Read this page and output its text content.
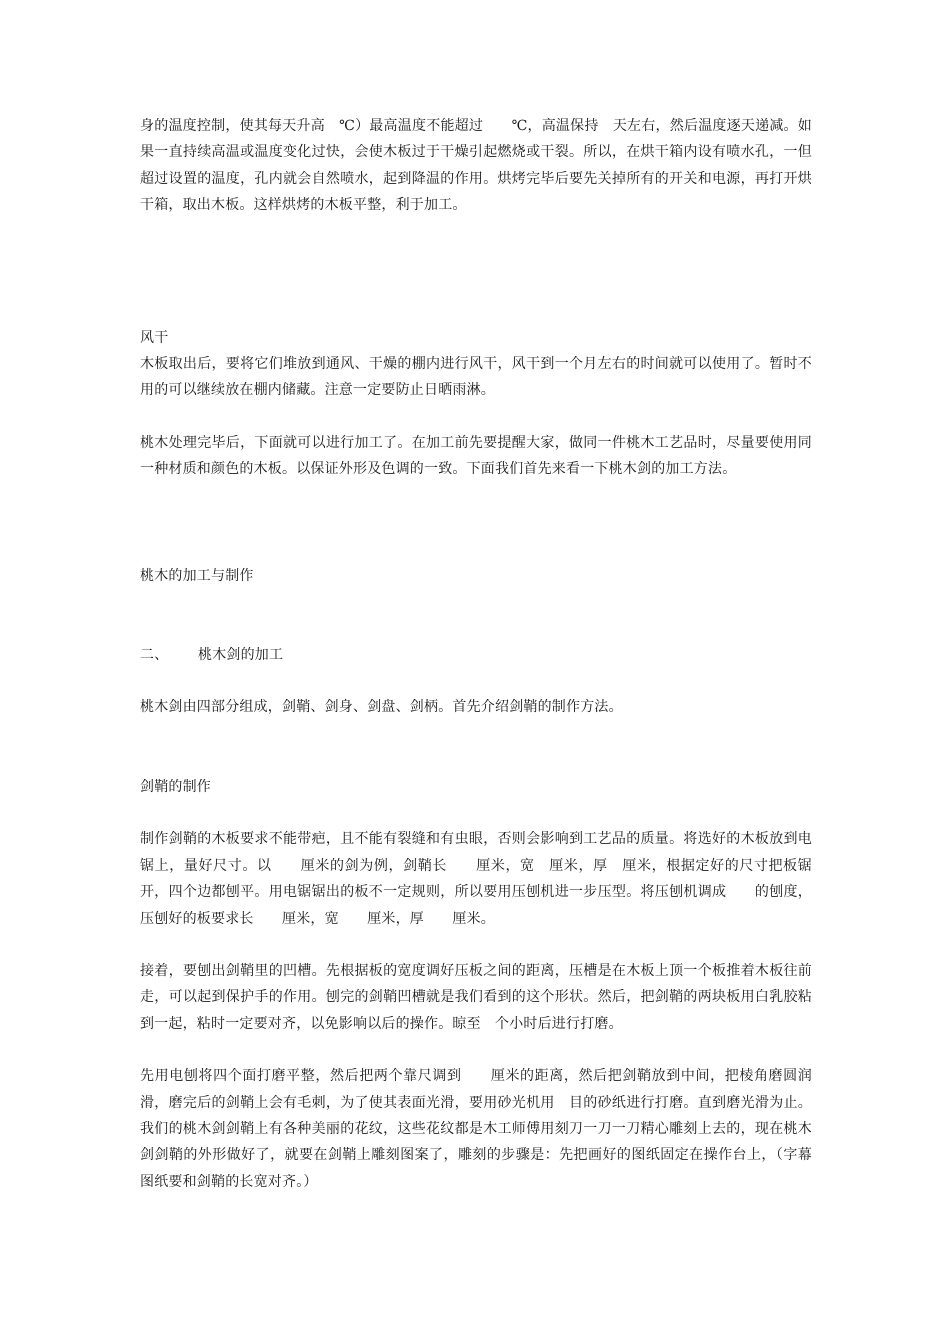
身的温度控制，使其每天升高　℃）最高温度不能超过　　℃，高温保持　天左右，然后温度逐天递减。如果一直持续高温或温度变化过快，会使木板过于干燥引起燃烧或干裂。所以，在烘干箱内设有喷水孔，一但超过设置的温度，孔内就会自然喷水，起到降温的作用。烘烤完毕后要先关掉所有的开关和电源，再打开烘干箱，取出木板。这样烘烤的木板平整，利于加工。

风干

木板取出后，要将它们堆放到通风、干燥的棚内进行风干，风干到一个月左右的时间就可以使用了。暂时不用的可以继续放在棚内储藏。注意一定要防止日晒雨淋。

桃木处理完毕后，下面就可以进行加工了。在加工前先要提醒大家，做同一件桃木工艺品时，尽量要使用同一种材质和颜色的木板。以保证外形及色调的一致。下面我们首先来看一下桃木剑的加工方法。

桃木的加工与制作

二、 桃木剑的加工

桃木剑由四部分组成，剑鞘、剑身、剑盘、剑柄。首先介绍剑鞘的制作方法。

剑鞘的制作

制作剑鞘的木板要求不能带疤，且不能有裂缝和有虫眼，否则会影响到工艺品的质量。将选好的木板放到电锯上，量好尺寸。以　　厘米的剑为例，剑鞘长　　厘米，宽　厘米，厚　厘米，根据定好的尺寸把板锯开，四个边都刨平。用电锯锯出的板不一定规则，所以要用压刨机进一步压型。将压刨机调成　　的刨度，压刨好的板要求长　　厘米，宽　　厘米，厚　　厘米。

接着，要刨出剑鞘里的凹槽。先根据板的宽度调好压板之间的距离，压槽是在木板上顶一个板推着木板往前走，可以起到保护手的作用。刨完的剑鞘凹槽就是我们看到的这个形状。然后，把剑鞘的两块板用白乳胶粘到一起，粘时一定要对齐，以免影响以后的操作。晾至　个小时后进行打磨。

先用电刨将四个面打磨平整，然后把两个靠尺调到　　厘米的距离，然后把剑鞘放到中间，把棱角磨圆润滑，磨完后的剑鞘上会有毛刺，为了使其表面光滑，要用砂光机用　目的砂纸进行打磨。直到磨光滑为止。我们的桃木剑剑鞘上有各种美丽的花纹，这些花纹都是木工师傅用刻刀一刀一刀精心雕刻上去的，现在桃木剑剑鞘的外形做好了，就要在剑鞘上雕刻图案了，雕刻的步骤是：先把画好的图纸固定在操作台上，（字幕　图纸要和剑鞘的长宽对齐。）
